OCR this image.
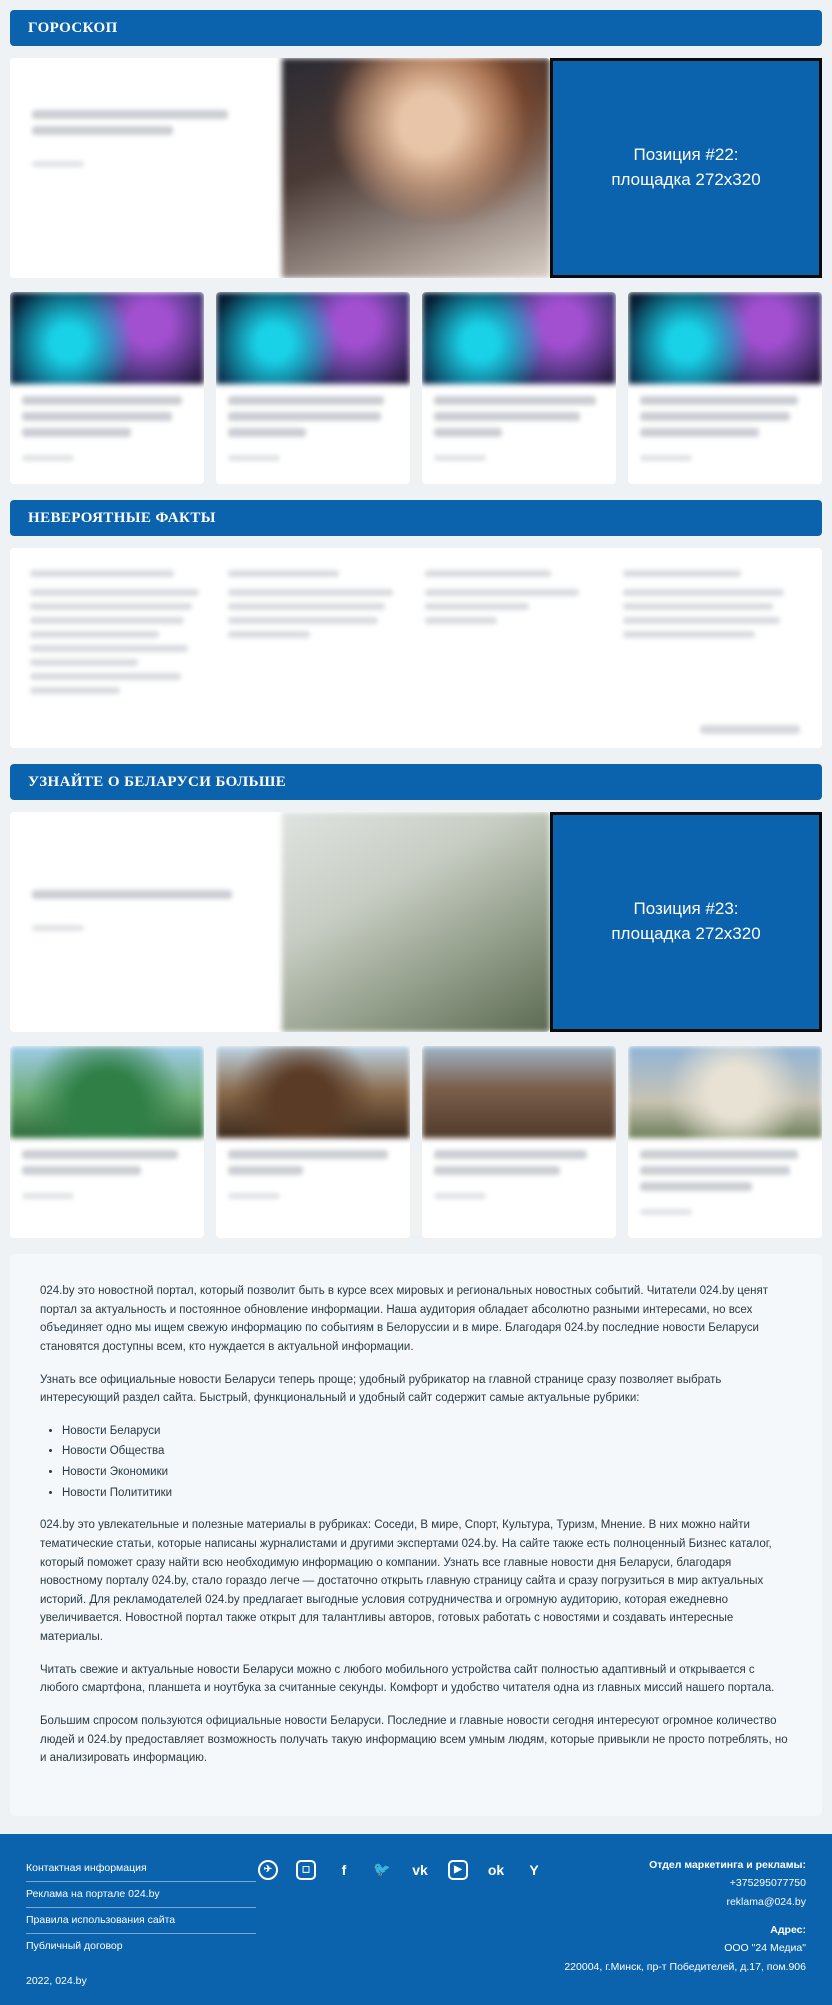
ГОРОСКОП
Позиция #22:
площадка 272x320
НЕВЕРОЯТНЫЕ ФАКТЫ
УЗНАЙТЕ О БЕЛАРУСИ БОЛЬШЕ
Позиция #23:
площадка 272x320

024.by это новостной портал, который позволит быть в курсе всех мировых и региональных новостных событий. Читатели 024.by ценят портал за актуальность и постоянное обновление информации. Наша аудитория обладает абсолютно разными интересами, но всех объединяет одно мы ищем свежую информацию по событиям в Белоруссии и в мире. Благодаря 024.by последние новости Беларуси становятся доступны всем, кто нуждается в актуальной информации.

Узнать все официальные новости Беларуси теперь проще; удобный рубрикатор на главной странице сразу позволяет выбрать интересующий раздел сайта. Быстрый, функциональный и удобный сайт содержит самые актуальные рубрики:

• Новости Беларуси
• Новости Общества
• Новости Экономики
• Новости Полититики

024.by это увлекательные и полезные материалы в рубриках: Соседи, В мире, Спорт, Культура, Туризм, Мнение. В них можно найти тематические статьи, которые написаны журналистами и другими экспертами 024.by. На сайте также есть полноценный Бизнес каталог, который поможет сразу найти всю необходимую информацию о компании. Узнать все главные новости дня Беларуси, благодаря новостному порталу 024.by, стало гораздо легче — достаточно открыть главную страницу сайта и сразу погрузиться в мир актуальных историй. Для рекламодателей 024.by предлагает выгодные условия сотрудничества и огромную аудиторию, которая ежедневно увеличивается. Новостной портал также открыт для талантливы авторов, готовых работать с новостями и создавать интересные материалы.

Читать свежие и актуальные новости Беларуси можно с любого мобильного устройства сайт полностью адаптивный и открывается с любого смартфона, планшета и ноутбука за считанные секунды. Комфорт и удобство читателя одна из главных миссий нашего портала.

Большим спросом пользуются официальные новости Беларуси. Последние и главные новости сегодня интересуют огромное количество людей и 024.by предоставляет возможность получать такую информацию всем умным людям, которые привыкли не просто потреблять, но и анализировать информацию.

Контактная информация
Реклама на портале 024.by
Правила использования сайта
Публичный договор
2022, 024.by
✈	◻	f	🐦 vk	▶	ok	Y	Отдел маркетинга и рекламы:
+375295077750
reklama@024.by
Адрес:
ООО "24 Медиа"
220004, г.Минск, пр-т Победителей, д.17, пом.906
